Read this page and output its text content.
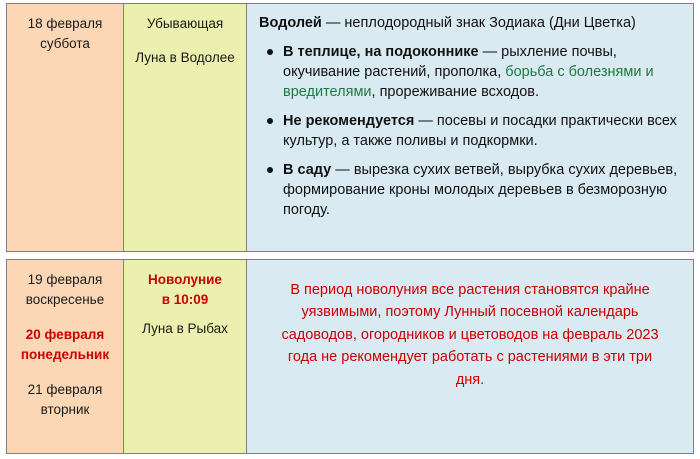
18 февраля
суббота
Убывающая
Луна в Водолее
Водолей — неплодородный знак Зодиака (Дни Цветка)
В теплице, на подоконнике — рыхление почвы, окучивание растений, прополка, борьба с болезнями и вредителями, прореживание всходов.
Не рекомендуется — посевы и посадки практически всех культур, а также поливы и подкормки.
В саду — вырезка сухих ветвей, вырубка сухих деревьев, формирование кроны молодых деревьев в безморозную погоду.
19 февраля
воскресенье
20 февраля
понедельник
21 февраля
вторник
Новолуние
в 10:09
Луна в Рыбах
В период новолуния все растения становятся крайне уязвимыми, поэтому Лунный посевной календарь садоводов, огородников и цветоводов на февраль 2023 года не рекомендует работать с растениями в эти три дня.
